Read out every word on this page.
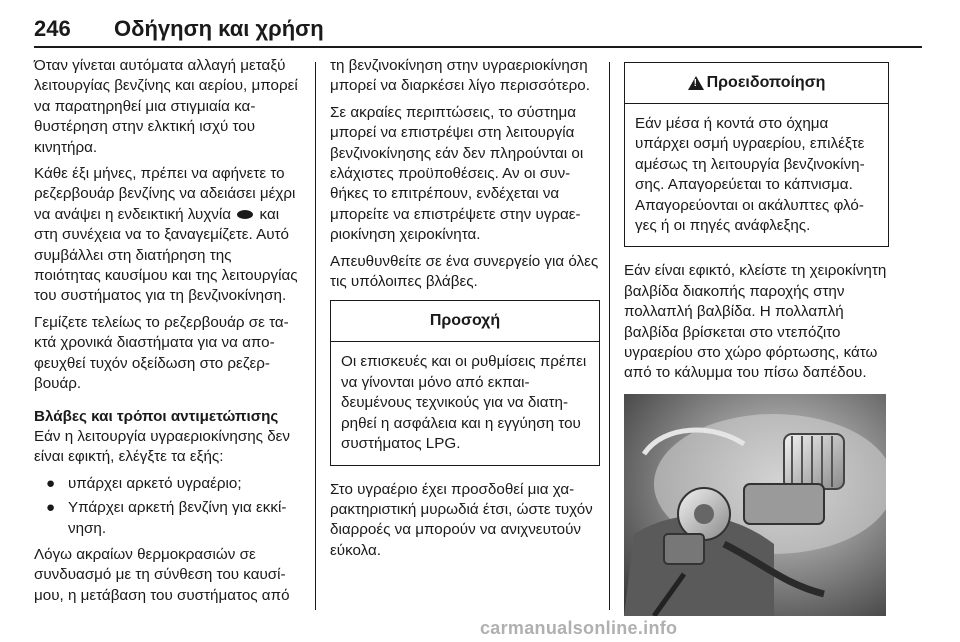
246 Οδήγηση και χρήση

Όταν γίνεται αυτόματα αλλαγή μεταξύ λειτουργίας βενζίνης και αερίου, μπορεί να παρατηρηθεί μια στιγμιαία καθυστέρηση στην ελκτική ισχύ του κινητήρα.

Κάθε έξι μήνες, πρέπει να αφήνετε το ρεζερβουάρ βενζίνης να αδειάσει μέχρι να ανάψει η ενδεικτική λυχνία και στη συνέχεια να το ξαναγεμίζετε. Αυτό συμβάλλει στη διατήρηση της ποιότητας καυσίμου και της λειτουργίας του συστήματος για τη βενζινοκίνηση.

Γεμίζετε τελείως το ρεζερβουάρ σε τακτά χρονικά διαστήματα για να αποφευχθεί τυχόν οξείδωση στο ρεζερβουάρ.

Βλάβες και τρόποι αντιμετώπισης
Εάν η λειτουργία υγραεριοκίνησης δεν είναι εφικτή, ελέγξτε τα εξής:

● υπάρχει αρκετό υγραέριο;
● Υπάρχει αρκετή βενζίνη για εκκίνηση.

Λόγω ακραίων θερμοκρασιών σε συνδυασμό με τη σύνθεση του καυσίμου, η μετάβαση του συστήματος από

τη βενζινοκίνηση στην υγραεριοκίνηση μπορεί να διαρκέσει λίγο περισσότερο.

Σε ακραίες περιπτώσεις, το σύστημα μπορεί να επιστρέψει στη λειτουργία βενζινοκίνησης εάν δεν πληρούνται οι ελάχιστες προϋποθέσεις. Αν οι συνθήκες το επιτρέπουν, ενδέχεται να μπορείτε να επιστρέψετε στην υγραεριοκίνηση χειροκίνητα.

Απευθυνθείτε σε ένα συνεργείο για όλες τις υπόλοιπες βλάβες.

Προσοχή
Οι επισκευές και οι ρυθμίσεις πρέπει να γίνονται μόνο από εκπαιδευμένους τεχνικούς για να διατηρηθεί η ασφάλεια και η εγγύηση του συστήματος LPG.

Στο υγραέριο έχει προσδοθεί μια χαρακτηριστική μυρωδιά έτσι, ώστε τυχόν διαρροές να μπορούν να ανιχνευτούν εύκολα.

! Προειδοποίηση
Εάν μέσα ή κοντά στο όχημα υπάρχει οσμή υγραερίου, επιλέξτε αμέσως τη λειτουργία βενζινοκίνησης. Απαγορεύεται το κάπνισμα. Απαγορεύονται οι ακάλυπτες φλόγες ή οι πηγές ανάφλεξης.

Εάν είναι εφικτό, κλείστε τη χειροκίνητη βαλβίδα διακοπής παροχής στην πολλαπλή βαλβίδα. Η πολλαπλή βαλβίδα βρίσκεται στο ντεπόζιτο υγραερίου στο χώρο φόρτωσης, κάτω από το κάλυμμα του πίσω δαπέδου.

carmanualsonline.info
